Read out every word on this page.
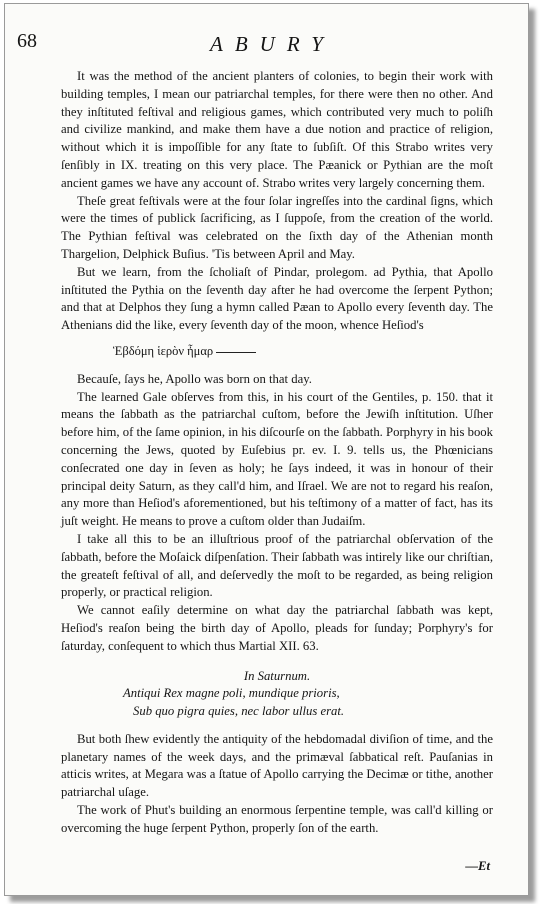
68	ABURY

It was the method of the ancient planters of colonies, to begin their work with building temples, I mean our patriarchal temples, for there were then no other. And they inſtituted feſtival and religious games, which contributed very much to poliſh and civilize mankind, and make them have a due notion and practice of religion, without which it is impoſſible for any ſtate to ſubſiſt. Of this Strabo writes very ſenſibly in IX. treating on this very place. The Pæanick or Pythian are the moſt ancient games we have any account of. Strabo writes very largely concerning them.

Theſe great feſtivals were at the four ſolar ingreſſes into the cardinal ſigns, which were the times of publick ſacrificing, as I ſuppoſe, from the creation of the world. The Pythian feſtival was celebrated on the ſixth day of the Athenian month Thargelion, Delphick Buſius. 'Tis between April and May.

But we learn, from the ſcholiaſt of Pindar, prolegom. ad Pythia, that Apollo inſtituted the Pythia on the ſeventh day after he had overcome the ſerpent Python; and that at Delphos they ſung a hymn called Pæan to Apollo every ſeventh day. The Athenians did the like, every ſeventh day of the moon, whence Heſiod's

Ἑβδόμη ἱερὸν ἦμαρ

Becauſe, ſays he, Apollo was born on that day.

The learned Gale obſerves from this, in his court of the Gentiles, p. 150. that it means the ſabbath as the patriarchal cuſtom, before the Jewiſh inſtitution. Uſher before him, of the ſame opinion, in his diſcourſe on the ſabbath. Porphyry in his book concerning the Jews, quoted by Euſebius pr. ev. I. 9. tells us, the Phœnicians conſecrated one day in ſeven as holy; he ſays indeed, it was in honour of their principal deity Saturn, as they call'd him, and Iſrael. We are not to regard his reaſon, any more than Heſiod's aforementioned, but his teſtimony of a matter of fact, has its juſt weight. He means to prove a cuſtom older than Judaiſm.

I take all this to be an illuſtrious proof of the patriarchal obſervation of the ſabbath, before the Moſaick diſpenſation. Their ſabbath was intirely like our chriſtian, the greateſt feſtival of all, and deſervedly the moſt to be regarded, as being religion properly, or practical religion.

We cannot eaſily determine on what day the patriarchal ſabbath was kept, Heſiod's reaſon being the birth day of Apollo, pleads for ſunday; Porphyry's for ſaturday, conſequent to which thus Martial XII. 63.

In Saturnum.
Antiqui Rex magne poli, mundique prioris,
Sub quo pigra quies, nec labor ullus erat.

But both ſhew evidently the antiquity of the hebdomadal diviſion of time, and the planetary names of the week days, and the primæval ſabbatical reſt. Pauſanias in atticis writes, at Megara was a ſtatue of Apollo carrying the Decimæ or tithe, another patriarchal uſage.

The work of Phut's building an enormous ſerpentine temple, was call'd killing or overcoming the huge ſerpent Python, properly ſon of the earth.

—Et
